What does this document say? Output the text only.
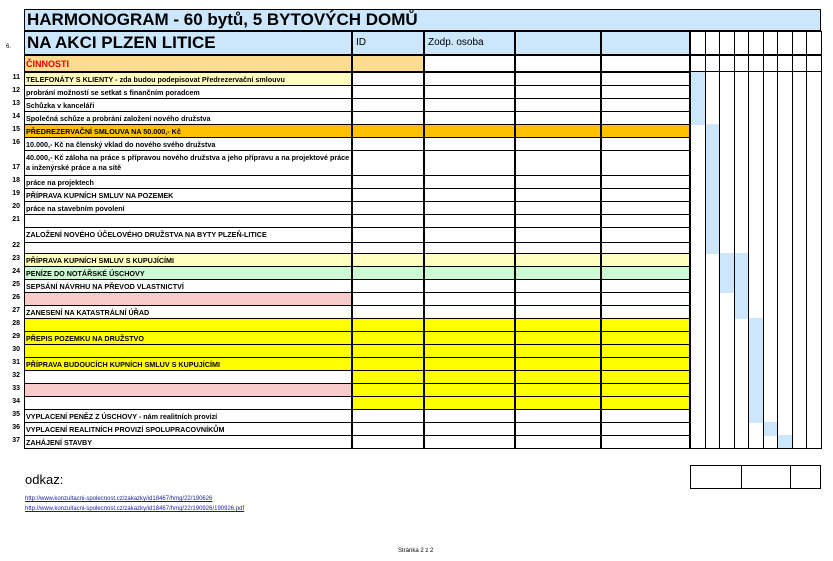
HARMONOGRAM - 60 bytů, 5 BYTOVÝCH DOMŮ
6. NA AKCI PLZEN LITICE	ID	Zodp. osoba
ČINNOSTI
11 TELEFONÁTY S KLIENTY - zda budou podepisovat Předrezervační smlouvu
12 probrání možností se setkat s finančním poradcem
13 Schůzka v kanceláři
14 Společná schůze a probrání založení nového družstva
15 PŘEDREZERVAČNÍ SMLOUVA NA 50.000,- Kč
16 10.000,- Kč na členský vklad do nového svého družstva
17
40.000,- Kč záloha na práce s přípravou nového družstva a jeho přípravu a na projektové práce a inženýrské práce a na sítě
18 práce na projektech
19 PŘÍPRAVA KUPNÍCH SMLUV NA POZEMEK
20 práce na stavebním povolení
21
ZALOŽENÍ NOVÉHO ÚČELOVÉHO DRUŽSTVA NA BYTY PLZEŇ-LITICE
22
23 PŘÍPRAVA KUPNÍCH SMLUV S KUPUJÍCÍMI
24 PENÍZE DO NOTÁŘSKÉ ÚSCHOVY
25 SEPSÁNÍ NÁVRHU NA PŘEVOD VLASTNICTVÍ
26
27 ZANESENÍ NA KATASTRÁLNÍ ÚŘAD
28
29 PŘEPIS POZEMKU NA DRUŽSTVO
30
31 PŘÍPRAVA BUDOUCÍCH KUPNÍCH SMLUV S KUPUJÍCÍMI
32
33
34
35 VYPLACENÍ PENĚZ Z ÚSCHOVY - nám realitních provizí
36 VYPLACENÍ REALITNÍCH PROVIZÍ SPOLUPRACOVNÍKŮM
37 ZAHÁJENÍ STAVBY
odkaz:
http://www.konzultacni-spolecnost.cz/zakazky/id18467/hmg/22/190626
http://www.konzultacni-spolecnost.cz/zakazky/id18467/hmg/22/190926/190926.pdf
Stránka 2 z 2
